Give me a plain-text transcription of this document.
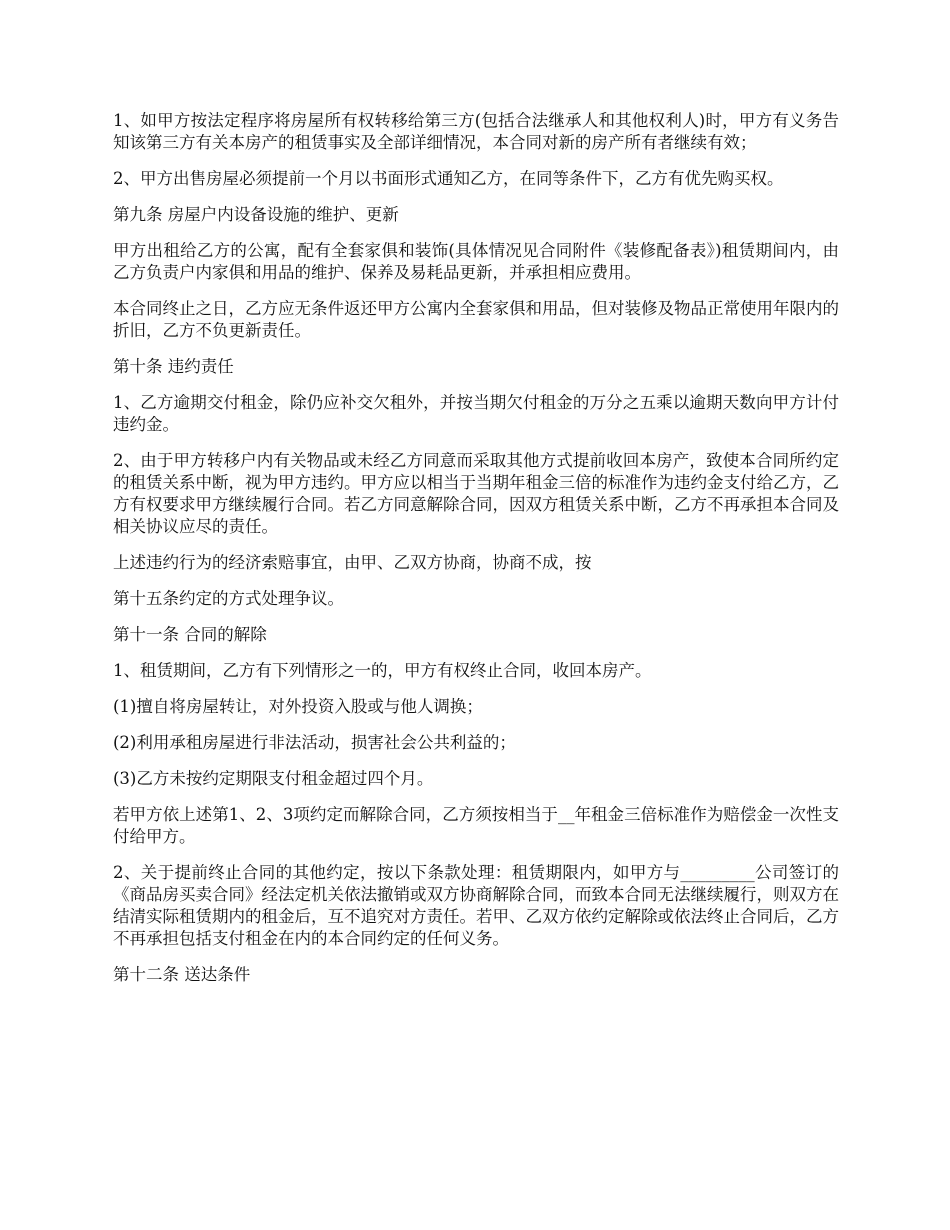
1、如甲方按法定程序将房屋所有权转移给第三方(包括合法继承人和其他权利人)时，甲方有义务告知该第三方有关本房产的租赁事实及全部详细情况，本合同对新的房产所有者继续有效；

2、甲方出售房屋必须提前一个月以书面形式通知乙方，在同等条件下，乙方有优先购买权。

第九条 房屋户内设备设施的维护、更新

甲方出租给乙方的公寓，配有全套家俱和装饰(具体情况见合同附件《装修配备表》)租赁期间内，由乙方负责户内家俱和用品的维护、保养及易耗品更新，并承担相应费用。

本合同终止之日，乙方应无条件返还甲方公寓内全套家俱和用品，但对装修及物品正常使用年限内的折旧，乙方不负更新责任。

第十条 违约责任

1、乙方逾期交付租金，除仍应补交欠租外，并按当期欠付租金的万分之五乘以逾期天数向甲方计付违约金。

2、由于甲方转移户内有关物品或未经乙方同意而采取其他方式提前收回本房产，致使本合同所约定的租赁关系中断，视为甲方违约。甲方应以相当于当期年租金三倍的标准作为违约金支付给乙方，乙方有权要求甲方继续履行合同。若乙方同意解除合同，因双方租赁关系中断，乙方不再承担本合同及相关协议应尽的责任。

上述违约行为的经济索赔事宜，由甲、乙双方协商，协商不成，按

第十五条约定的方式处理争议。

第十一条 合同的解除

1、租赁期间，乙方有下列情形之一的，甲方有权终止合同，收回本房产。

(1)擅自将房屋转让，对外投资入股或与他人调换；

(2)利用承租房屋进行非法活动，损害社会公共利益的；

(3)乙方未按约定期限支付租金超过四个月。

若甲方依上述第1、2、3项约定而解除合同，乙方须按相当于__年租金三倍标准作为赔偿金一次性支付给甲方。

2、关于提前终止合同的其他约定，按以下条款处理：租赁期限内，如甲方与_________公司签订的《商品房买卖合同》经法定机关依法撤销或双方协商解除合同，而致本合同无法继续履行，则双方在结清实际租赁期内的租金后，互不追究对方责任。若甲、乙双方依约定解除或依法终止合同后，乙方不再承担包括支付租金在内的本合同约定的任何义务。

第十二条 送达条件
